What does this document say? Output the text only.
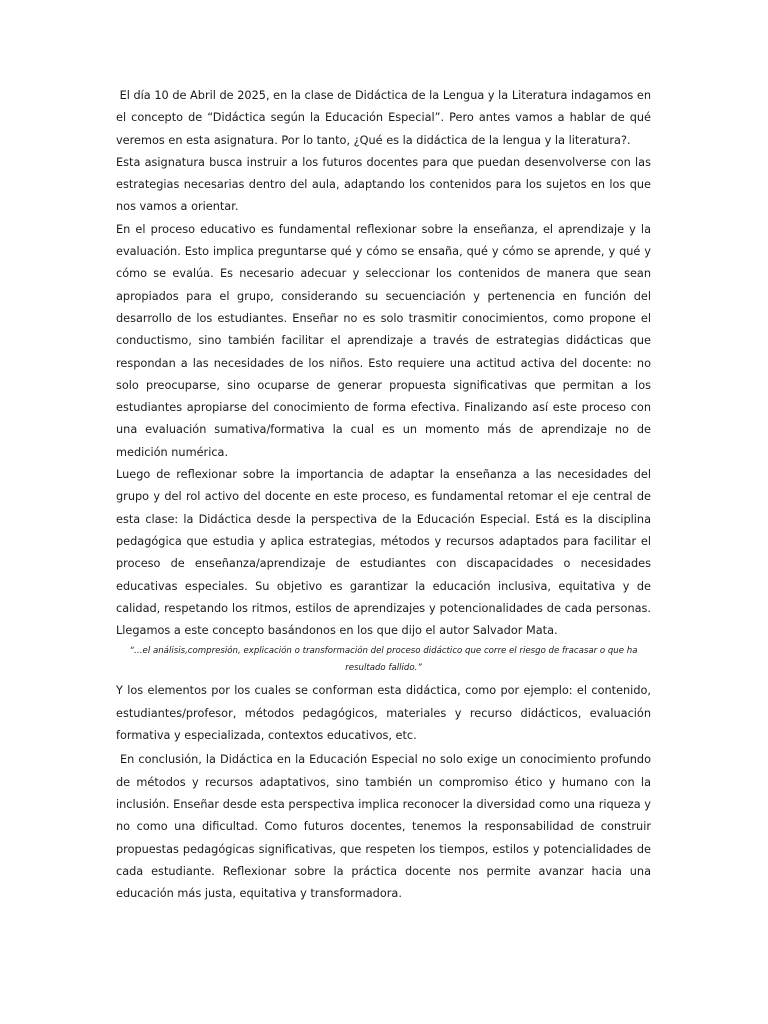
El día 10 de Abril de 2025, en la clase de Didáctica de la Lengua y la Literatura indagamos en el concepto de “Didáctica según la Educación Especial”. Pero antes vamos a hablar de qué veremos en esta asignatura. Por lo tanto, ¿Qué es la didáctica de la lengua y la literatura?.

Esta asignatura busca instruir a los futuros docentes para que puedan desenvolverse con las estrategias necesarias dentro del aula, adaptando los contenidos para los sujetos en los que nos vamos a orientar.

En el proceso educativo es fundamental reflexionar sobre la enseñanza, el aprendizaje y la evaluación. Esto implica preguntarse qué y cómo se ensaña, qué y cómo se aprende, y qué y cómo se evalúa. Es necesario adecuar y seleccionar los contenidos de manera que sean apropiados para el grupo, considerando su secuenciación y pertenencia en función del desarrollo de los estudiantes. Enseñar no es solo trasmitir conocimientos, como propone el conductismo, sino también facilitar el aprendizaje a través de estrategias didácticas que respondan a las necesidades de los niños. Esto requiere una actitud activa del docente: no solo preocuparse, sino ocuparse de generar propuesta significativas que permitan a los estudiantes apropiarse del conocimiento de forma efectiva. Finalizando así este proceso con una evaluación sumativa/formativa la cual es un momento más de aprendizaje no de medición numérica.

Luego de reflexionar sobre la importancia de adaptar la enseñanza a las necesidades del grupo y del rol activo del docente en este proceso, es fundamental retomar el eje central de esta clase: la Didáctica desde la perspectiva de la Educación Especial. Está es la disciplina pedagógica que estudia y aplica estrategias, métodos y recursos adaptados para facilitar el proceso de enseñanza/aprendizaje de estudiantes con discapacidades o necesidades educativas especiales. Su objetivo es garantizar la educación inclusiva, equitativa y de calidad, respetando los ritmos, estilos de aprendizajes y potencionalidades de cada personas. Llegamos a este concepto basándonos en los que dijo el autor Salvador Mata.

“…el análisis,compresión, explicación o transformación del proceso didáctico que corre el riesgo de fracasar o que ha resultado fallido.”

Y los elementos por los cuales se conforman esta didáctica, como por ejemplo: el contenido, estudiantes/profesor, métodos pedagógicos, materiales y recurso didácticos, evaluación formativa y especializada, contextos educativos, etc.

En conclusión, la Didáctica en la Educación Especial no solo exige un conocimiento profundo de métodos y recursos adaptativos, sino también un compromiso ético y humano con la inclusión. Enseñar desde esta perspectiva implica reconocer la diversidad como una riqueza y no como una dificultad. Como futuros docentes, tenemos la responsabilidad de construir propuestas pedagógicas significativas, que respeten los tiempos, estilos y potencialidades de cada estudiante. Reflexionar sobre la práctica docente nos permite avanzar hacia una educación más justa, equitativa y transformadora.
